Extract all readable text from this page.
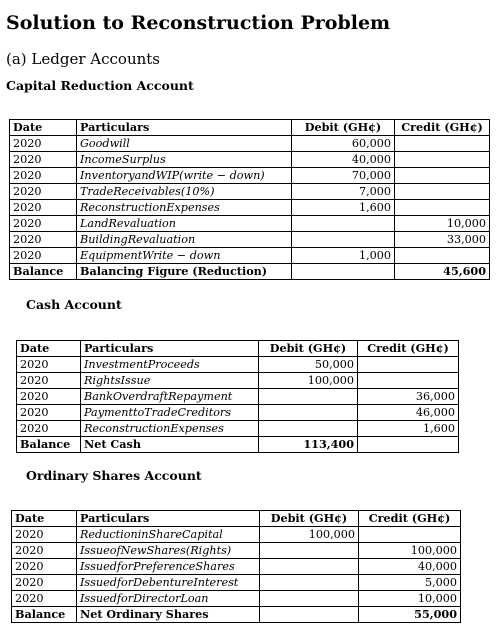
Solution to Reconstruction Problem
(a) Ledger Accounts
Capital Reduction Account
Date	Particulars	Debit (GH¢)	Credit (GH¢)
2020	Goodwill	60,000	
2020	IncomeSurplus	40,000	
2020	InventoryandWIP(write − down)	70,000	
2020	TradeReceivables(10%)	7,000	
2020	ReconstructionExpenses	1,600	
2020	LandRevaluation		10,000
2020	BuildingRevaluation		33,000
2020	EquipmentWrite − down	1,000	
Balance	Balancing Figure (Reduction)		45,600
Cash Account
Date	Particulars	Debit (GH¢)	Credit (GH¢)
2020	InvestmentProceeds	50,000	
2020	RightsIssue	100,000	
2020	BankOverdraftRepayment		36,000
2020	PaymenttoTradeCreditors		46,000
2020	ReconstructionExpenses		1,600
Balance	Net Cash	113,400	
Ordinary Shares Account
Date	Particulars	Debit (GH¢)	Credit (GH¢)
2020	ReductioninShareCapital	100,000	
2020	IssueofNewShares(Rights)		100,000
2020	IssuedforPreferenceShares		40,000
2020	IssuedforDebentureInterest		5,000
2020	IssuedforDirectorLoan		10,000
Balance	Net Ordinary Shares		55,000
